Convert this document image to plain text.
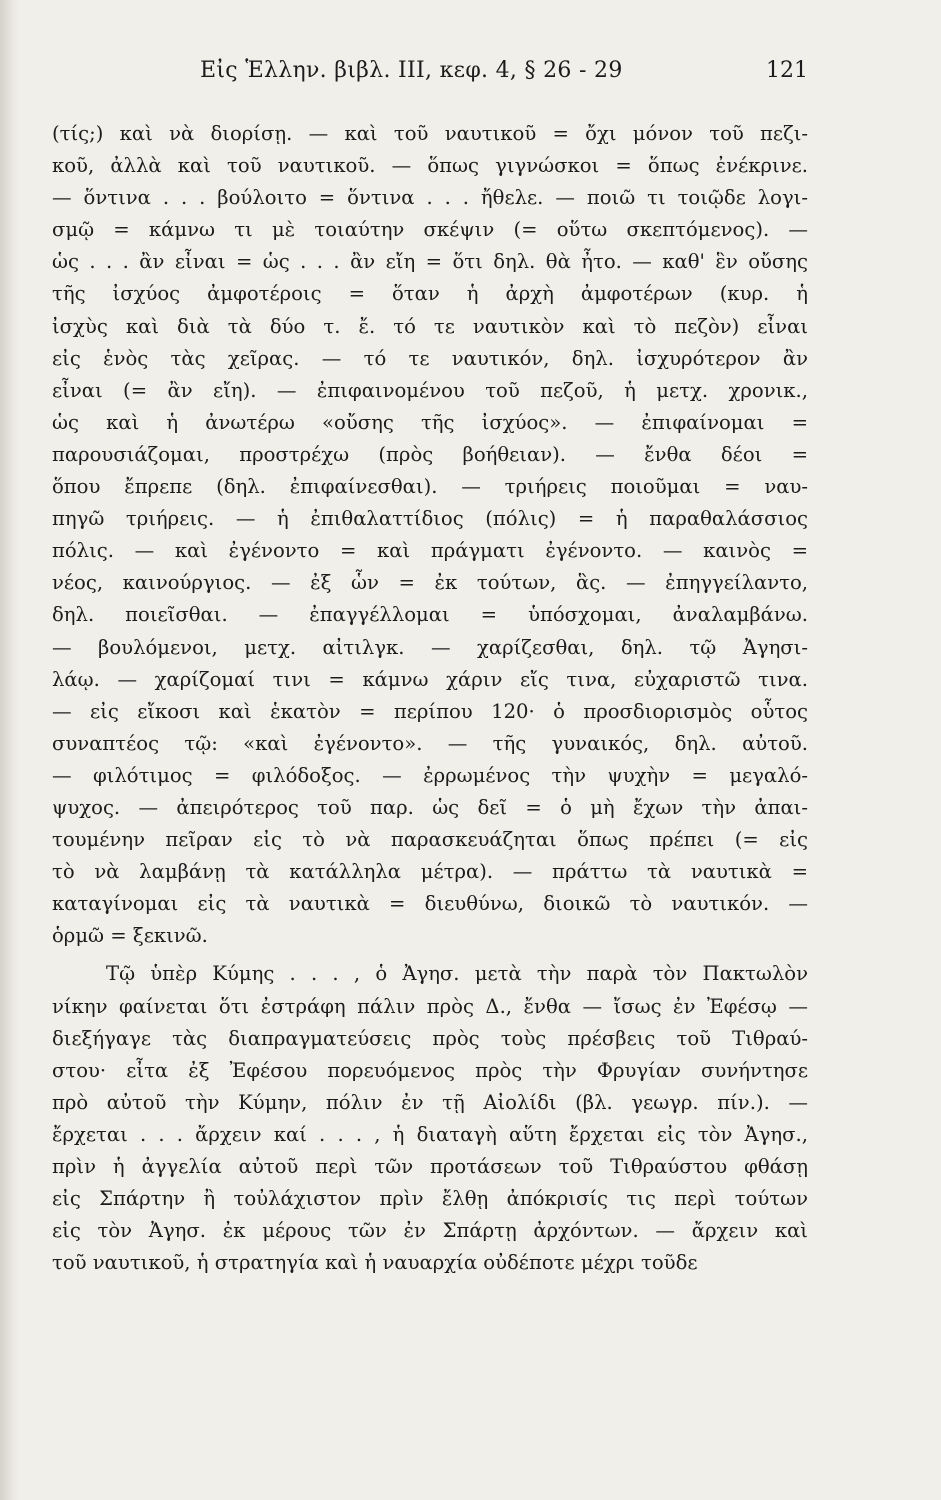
Εἰς Ἑλλην. βιβλ. III, κεφ. 4, § 26 - 29	121
(τίς;) καὶ νὰ διορίσῃ. — καὶ τοῦ ναυτικοῦ = ὄχι μόνον τοῦ πεζι-
κοῦ, ἀλλὰ καὶ τοῦ ναυτικοῦ. — ὅπως γιγνώσκοι = ὅπως ἐνέκρινε.
— ὅντινα . . . βούλοιτο = ὅντινα . . . ἤθελε. — ποιῶ τι τοιῷδε λογι-
σμῷ = κάμνω τι μὲ τοιαύτην σκέψιν (= οὕτω σκεπτόμενος). —
ὡς . . . ἂν εἶναι = ὡς . . . ἂν εἴη = ὅτι δηλ. θὰ ἦτο. — καθ' ἓν οὔσης
τῆς ἰσχύος ἀμφοτέροις = ὅταν ἡ ἀρχὴ ἀμφοτέρων (κυρ. ἡ
ἰσχὺς καὶ διὰ τὰ δύο τ. ἔ. τό τε ναυτικὸν καὶ τὸ πεζὸν) εἶναι
εἰς ἑνὸς τὰς χεῖρας. — τό τε ναυτικόν, δηλ. ἰσχυρότερον ἂν
εἶναι (= ἂν εἴη). — ἐπιφαινομένου τοῦ πεζοῦ, ἡ μετχ. χρονικ.,
ὡς καὶ ἡ ἀνωτέρω «οὔσης τῆς ἰσχύος». — ἐπιφαίνομαι =
παρουσιάζομαι, προστρέχω (πρὸς βοήθειαν). — ἔνθα δέοι =
ὅπου ἔπρεπε (δηλ. ἐπιφαίνεσθαι). — τριήρεις ποιοῦμαι = ναυ-
πηγῶ τριήρεις. — ἡ ἐπιθαλαττίδιος (πόλις) = ἡ παραθαλάσσιος
πόλις. — καὶ ἐγένοντο = καὶ πράγματι ἐγένοντο. — καινὸς =
νέος, καινούργιος. — ἐξ ὧν = ἐκ τούτων, ἃς. — ἐπηγγείλαντο,
δηλ. ποιεῖσθαι. — ἐπαγγέλλομαι = ὑπόσχομαι, ἀναλαμβάνω.
— βουλόμενοι, μετχ. αἰτιλγκ. — χαρίζεσθαι, δηλ. τῷ Ἀγησι-
λάῳ. — χαρίζομαί τινι = κάμνω χάριν εἴς τινα, εὐχαριστῶ τινα.
— εἰς εἴκοσι καὶ ἑκατὸν = περίπου 120· ὁ προσδιορισμὸς οὗτος
συναπτέος τῷ: «καὶ ἐγένοντο». — τῆς γυναικός, δηλ. αὐτοῦ.
— φιλότιμος = φιλόδοξος. — ἐρρωμένος τὴν ψυχὴν = μεγαλό-
ψυχος. — ἀπειρότερος τοῦ παρ. ὡς δεῖ = ὁ μὴ ἔχων τὴν ἀπαι-
τουμένην πεῖραν εἰς τὸ νὰ παρασκευάζηται ὅπως πρέπει (= εἰς
τὸ νὰ λαμβάνῃ τὰ κατάλληλα μέτρα). — πράττω τὰ ναυτικὰ =
καταγίνομαι εἰς τὰ ναυτικὰ = διευθύνω, διοικῶ τὸ ναυτικόν. —
ὁρμῶ = ξεκινῶ.
Τῷ ὑπὲρ Κύμης . . . , ὁ Ἀγησ. μετὰ τὴν παρὰ τὸν Πακτωλὸν
νίκην φαίνεται ὅτι ἐστράφη πάλιν πρὸς Δ., ἔνθα — ἴσως ἐν Ἐφέσῳ —
διεξήγαγε τὰς διαπραγματεύσεις πρὸς τοὺς πρέσβεις τοῦ Τιθραύ-
στου· εἶτα ἐξ Ἐφέσου πορευόμενος πρὸς τὴν Φρυγίαν συνήντησε
πρὸ αὐτοῦ τὴν Κύμην, πόλιν ἐν τῇ Αἰολίδι (βλ. γεωγρ. πίν.). —
ἔρχεται . . . ἄρχειν καί . . . , ἡ διαταγὴ αὕτη ἔρχεται εἰς τὸν Ἀγησ.,
πρὶν ἡ ἀγγελία αὐτοῦ περὶ τῶν προτάσεων τοῦ Τιθραύστου φθάσῃ
εἰς Σπάρτην ἢ τοὐλάχιστον πρὶν ἔλθῃ ἀπόκρισίς τις περὶ τούτων
εἰς τὸν Ἀγησ. ἐκ μέρους τῶν ἐν Σπάρτῃ ἀρχόντων. — ἄρχειν καὶ
τοῦ ναυτικοῦ, ἡ στρατηγία καὶ ἡ ναυαρχία οὐδέποτε μέχρι τοῦδε
